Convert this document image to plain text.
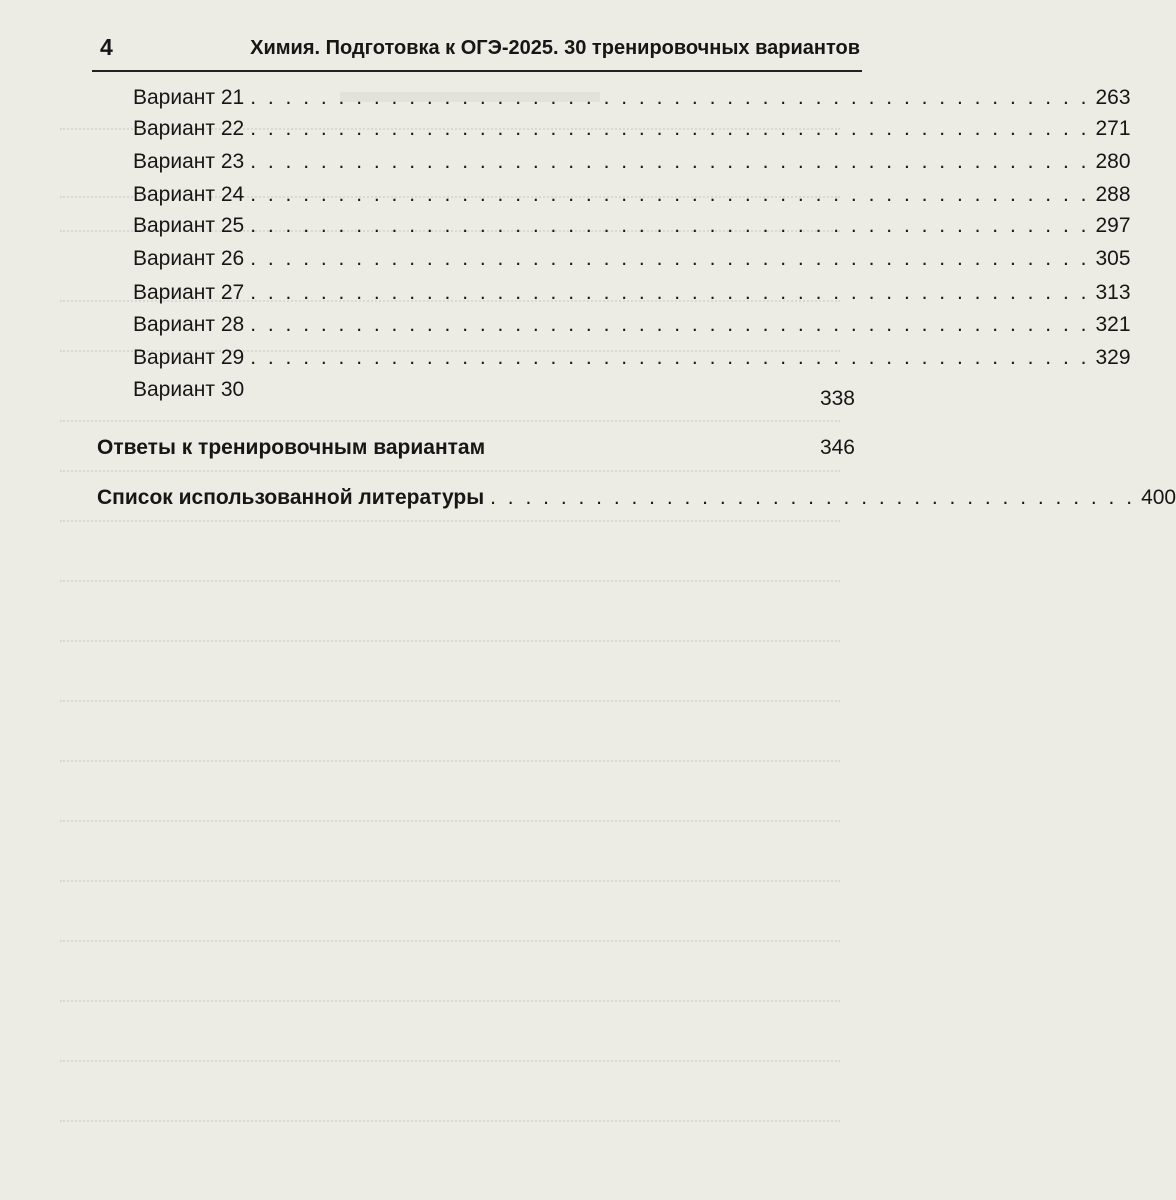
4	Химия. Подготовка к ОГЭ-2025. 30 тренировочных вариантов
Вариант 21 . . . . . . . . . . . . . . . . . . . . . . . . . . . . . . . . . . . . . . . . . . . . . . . . 263
Вариант 22 . . . . . . . . . . . . . . . . . . . . . . . . . . . . . . . . . . . . . . . . . . . . . . . . 271
Вариант 23 . . . . . . . . . . . . . . . . . . . . . . . . . . . . . . . . . . . . . . . . . . . . . . . . 280
Вариант 24 . . . . . . . . . . . . . . . . . . . . . . . . . . . . . . . . . . . . . . . . . . . . . . . . 288
Вариант 25 . . . . . . . . . . . . . . . . . . . . . . . . . . . . . . . . . . . . . . . . . . . . . . . . 297
Вариант 26 . . . . . . . . . . . . . . . . . . . . . . . . . . . . . . . . . . . . . . . . . . . . . . . . 305
Вариант 27 . . . . . . . . . . . . . . . . . . . . . . . . . . . . . . . . . . . . . . . . . . . . . . . . 313
Вариант 28 . . . . . . . . . . . . . . . . . . . . . . . . . . . . . . . . . . . . . . . . . . . . . . . . 321
Вариант 29 . . . . . . . . . . . . . . . . . . . . . . . . . . . . . . . . . . . . . . . . . . . . . . . . 329
Вариант 30	338
Ответы к тренировочным вариантам	346
Список использованной литературы . . . . . . . . . . . . . . . . . . . . . . . . . . . . . . . . . . . . . 400
